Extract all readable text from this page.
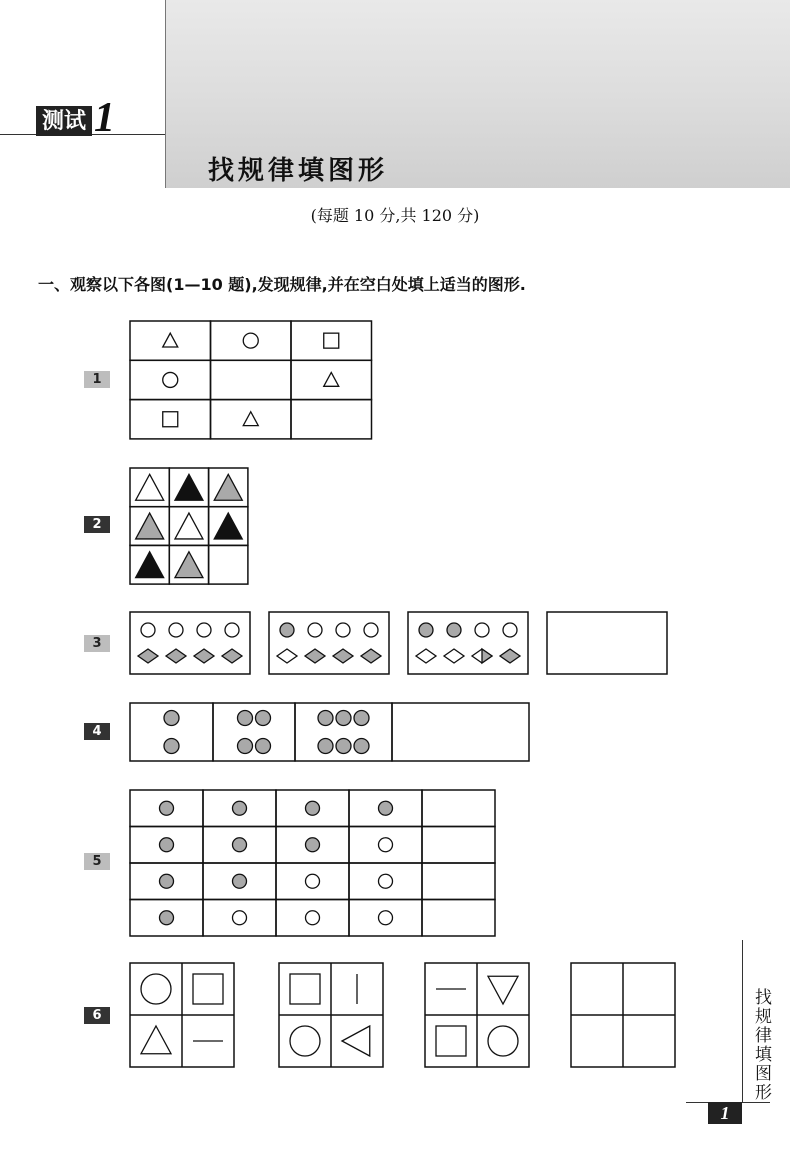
测试 1
找规律填图形
(每题 10 分,共 120 分)
一、观察以下各图(1—10 题),发现规律,并在空白处填上适当的图形.
1
2
3
4
5
6	找规律填图形
1
